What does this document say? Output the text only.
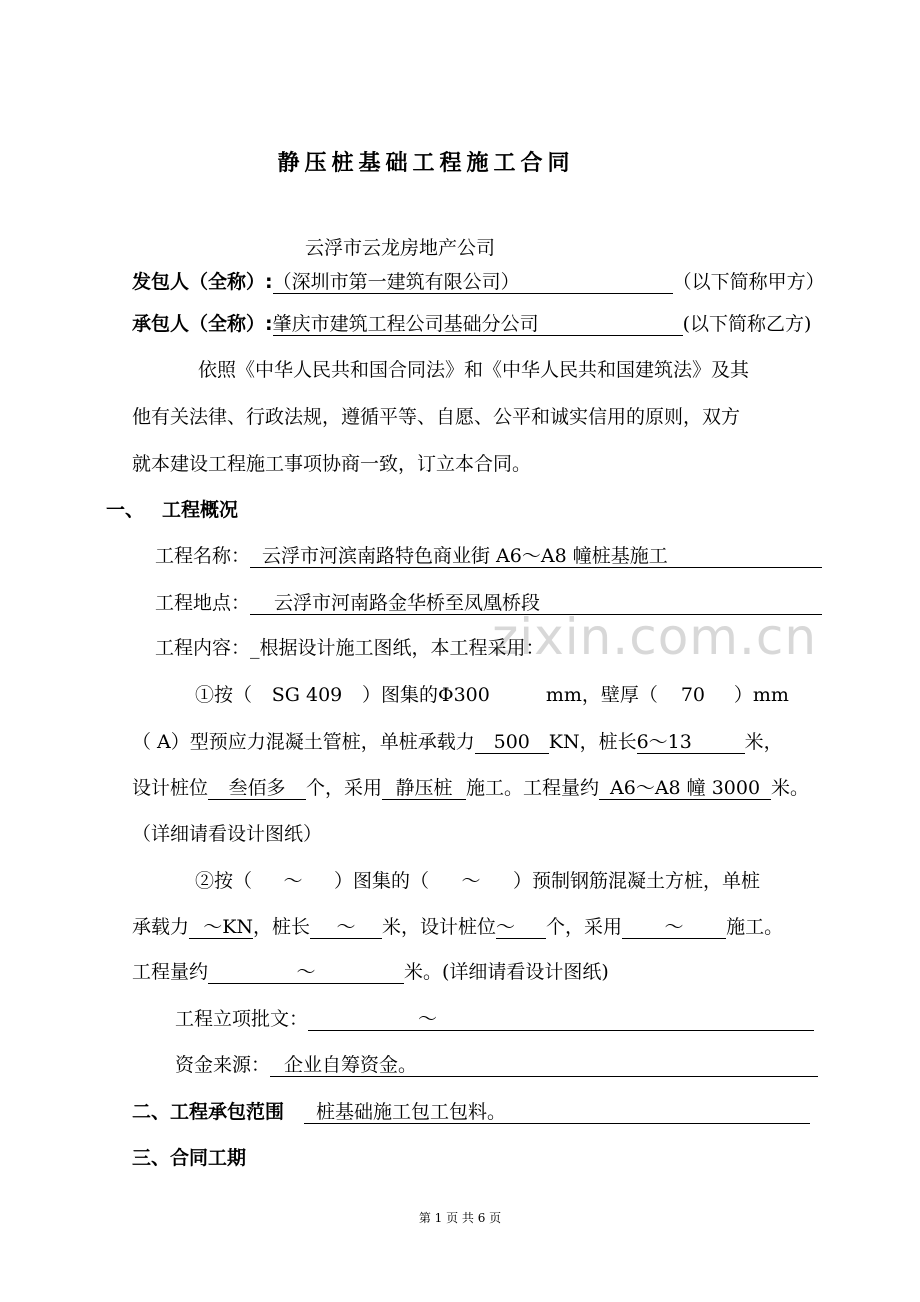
zixin.com.cn
静压桩基础工程施工合同
云浮市云龙房地产公司
发包人（全称）:（深圳市第一建筑有限公司）	（以下简称甲方）
承包人（全称）:肇庆市建筑工程公司基础分公司	(以下简称乙方)
依照《中华人民共和国合同法》和《中华人民共和国建筑法》及其
他有关法律、行政法规，遵循平等、自愿、公平和诚实信用的原则，双方
就本建设工程施工事项协商一致，订立本合同。
一、 工程概况
工程名称： 云浮市河滨南路特色商业街 A6～A8 幢桩基施工
工程地点： 云浮市河南路金华桥至凤凰桥段
工程内容：_根据设计施工图纸，本工程采用：
①按（ SG 409 ）图集的Φ300	mm，壁厚（ 70 ）mm
（ A）型预应力混凝土管桩，单桩承载力 500 KN，桩长6～13	米，
设计桩位 叁佰多 个，采用 静压桩 施工。工程量约 A6～A8 幢 3000 米。
（详细请看设计图纸）
②按（ ～ ）图集的（ ～ ）预制钢筋混凝土方桩，单桩
承载力 ～KN，桩长 ～ 米，设计桩位～ 个，采用 ～ 施工。
工程量约	～	米。(详细请看设计图纸)
工程立项批文：	～
资金来源： 企业自筹资金。
二、工程承包范围 桩基础施工包工包料。
三、合同工期
第 1 页 共 6 页
